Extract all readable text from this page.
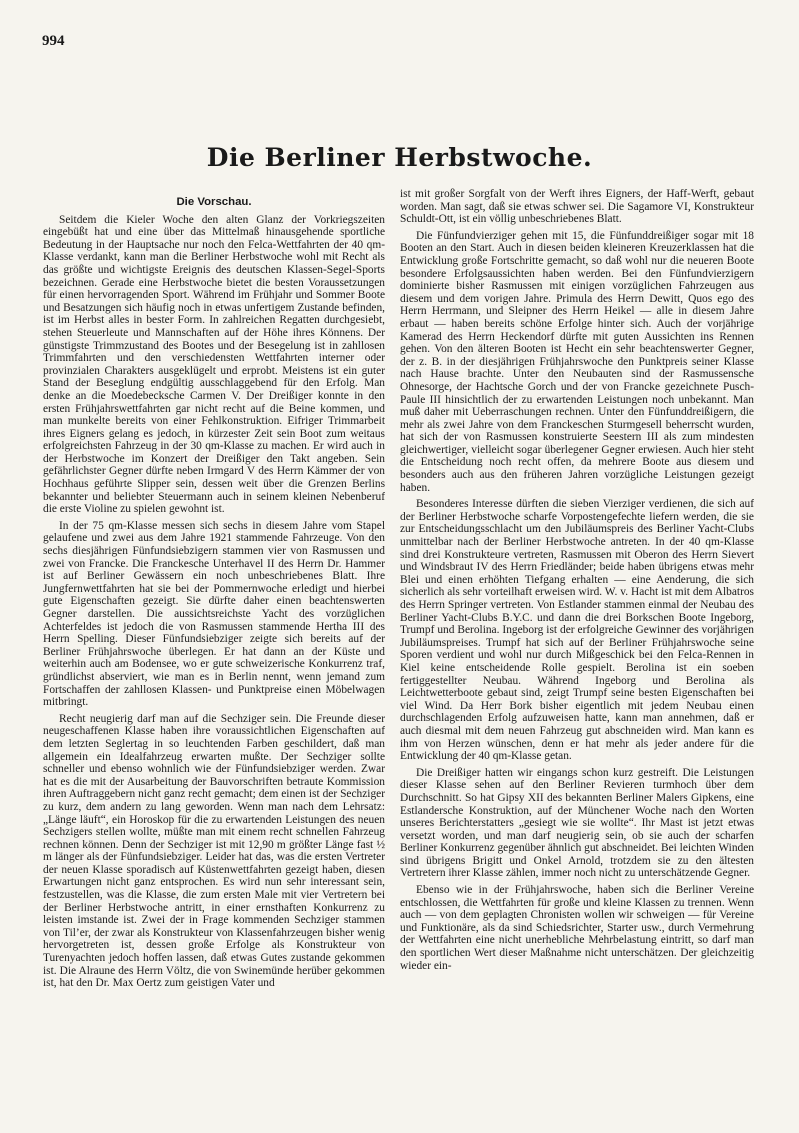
994
Die Berliner Herbstwoche.
Die Vorschau.

Seitdem die Kieler Woche den alten Glanz der Vorkriegszeiten eingebüßt hat und eine über das Mittelmaß hinausgehende sportliche Bedeutung in der Hauptsache nur noch den Felca-Wettfahrten der 40 qm-Klasse verdankt, kann man die Berliner Herbstwoche wohl mit Recht als das größte und wichtigste Ereignis des deutschen Klassen-Segel-Sports bezeichnen. Gerade eine Herbstwoche bietet die besten Voraussetzungen für einen hervorragenden Sport. Während im Frühjahr und Sommer Boote und Besatzungen sich häufig noch in etwas unfertigem Zustande befinden, ist im Herbst alles in bester Form. In zahlreichen Regatten durchgesiebt, stehen Steuerleute und Mannschaften auf der Höhe ihres Könnens. Der günstigste Trimmzustand des Bootes und der Besegelung ist in zahllosen Trimmfahrten und den verschiedensten Wettfahrten interner oder provinzialen Charakters ausgeklügelt und erprobt. Meistens ist ein guter Stand der Beseglung endgültig ausschlaggebend für den Erfolg. Man denke an die Moedebecksche Carmen V. Der Dreißiger konnte in den ersten Frühjahrswettfahrten gar nicht recht auf die Beine kommen, und man munkelte bereits von einer Fehlkonstruktion. Eifriger Trimmarbeit ihres Eigners gelang es jedoch, in kürzester Zeit sein Boot zum weitaus erfolgreichsten Fahrzeug in der 30 qm-Klasse zu machen. Er wird auch in der Herbstwoche im Konzert der Dreißiger den Takt angeben. Sein gefährlichster Gegner dürfte neben Irmgard V des Herrn Kämmer der von Hochhaus geführte Slipper sein, dessen weit über die Grenzen Berlins bekannter und beliebter Steuermann auch in seinem kleinen Nebenberuf die erste Violine zu spielen gewohnt ist.

In der 75 qm-Klasse messen sich sechs in diesem Jahre vom Stapel gelaufene und zwei aus dem Jahre 1921 stammende Fahrzeuge. Von den sechs diesjährigen Fünfundsiebzigern stammen vier von Rasmussen und zwei von Francke. Die Franckesche Unterhavel II des Herrn Dr. Hammer ist auf Berliner Gewässern ein noch unbeschriebenes Blatt. Ihre Jungfernwettfahrten hat sie bei der Pommernwoche erledigt und hierbei gute Eigenschaften gezeigt. Sie dürfte daher einen beachtenswerten Gegner darstellen. Die aussichtsreichste Yacht des vorzüglichen Achterfeldes ist jedoch die von Rasmussen stammende Hertha III des Herrn Spelling. Dieser Fünfundsiebziger zeigte sich bereits auf der Berliner Frühjahrswoche überlegen. Er hat dann an der Küste und weiterhin auch am Bodensee, wo er gute schweizerische Konkurrenz traf, gründlichst abserviert, wie man es in Berlin nennt, wenn jemand zum Fortschaffen der zahllosen Klassen- und Punktpreise einen Möbelwagen mitbringt.

Recht neugierig darf man auf die Sechziger sein. Die Freunde dieser neugeschaffenen Klasse haben ihre voraussichtlichen Eigenschaften auf dem letzten Seglertag in so leuchtenden Farben geschildert, daß man allgemein ein Idealfahrzeug erwarten mußte. Der Sechziger sollte schneller und ebenso wohnlich wie der Fünfundsiebziger werden. Zwar hat es die mit der Ausarbeitung der Bauvorschriften betraute Kommission ihren Auftraggebern nicht ganz recht gemacht; dem einen ist der Sechziger zu kurz, dem andern zu lang geworden. Wenn man nach dem Lehrsatz: „Länge läuft“, ein Horoskop für die zu erwartenden Leistungen des neuen Sechzigers stellen wollte, müßte man mit einem recht schnellen Fahrzeug rechnen können. Denn der Sechziger ist mit 12,90 m größter Länge fast ½ m länger als der Fünfundsiebziger. Leider hat das, was die ersten Vertreter der neuen Klasse sporadisch auf Küstenwettfahrten gezeigt haben, diesen Erwartungen nicht ganz entsprochen. Es wird nun sehr interessant sein, festzustellen, was die Klasse, die zum ersten Male mit vier Vertretern bei der Berliner Herbstwoche antritt, in einer ernsthaften Konkurrenz zu leisten imstande ist. Zwei der in Frage kommenden Sechziger stammen von Til’er, der zwar als Konstrukteur von Klassenfahrzeugen bisher wenig hervorgetreten ist, dessen große Erfolge als Konstrukteur von Turenyachten jedoch hoffen lassen, daß etwas Gutes zustande gekommen ist. Die Alraune des Herrn Völtz, die von Swinemünde herüber gekommen ist, hat den Dr. Max Oertz zum geistigen Vater und

ist mit großer Sorgfalt von der Werft ihres Eigners, der Haff-Werft, gebaut worden. Man sagt, daß sie etwas schwer sei. Die Sagamore VI, Konstrukteur Schuldt-Ott, ist ein völlig unbeschriebenes Blatt.

Die Fünfundvierziger gehen mit 15, die Fünfunddreißiger sogar mit 18 Booten an den Start. Auch in diesen beiden kleineren Kreuzerklassen hat die Entwicklung große Fortschritte gemacht, so daß wohl nur die neueren Boote besondere Erfolgsaussichten haben werden. Bei den Fünfundvierzigern dominierte bisher Rasmussen mit einigen vorzüglichen Fahrzeugen aus diesem und dem vorigen Jahre. Primula des Herrn Dewitt, Quos ego des Herrn Herrmann, und Sleipner des Herrn Heikel — alle in diesem Jahre erbaut — haben bereits schöne Erfolge hinter sich. Auch der vorjährige Kamerad des Herrn Heckendorf dürfte mit guten Aussichten ins Rennen gehen. Von den älteren Booten ist Hecht ein sehr beachtenswerter Gegner, der z. B. in der diesjährigen Frühjahrswoche den Punktpreis seiner Klasse nach Hause brachte. Unter den Neubauten sind der Rasmussensche Ohnesorge, der Hachtsche Gorch und der von Francke gezeichnete Pusch-Paule III hinsichtlich der zu erwartenden Leistungen noch unbekannt. Man muß daher mit Ueberraschungen rechnen. Unter den Fünfunddreißigern, die mehr als zwei Jahre von dem Franckeschen Sturmgesell beherrscht wurden, hat sich der von Rasmussen konstruierte Seestern III als zum mindesten gleichwertiger, vielleicht sogar überlegener Gegner erwiesen. Auch hier steht die Entscheidung noch recht offen, da mehrere Boote aus diesem und besonders auch aus den früheren Jahren vorzügliche Leistungen gezeigt haben.

Besonderes Interesse dürften die sieben Vierziger verdienen, die sich auf der Berliner Herbstwoche scharfe Vorpostengefechte liefern werden, die sie zur Entscheidungsschlacht um den Jubiläumspreis des Berliner Yacht-Clubs unmittelbar nach der Berliner Herbstwoche antreten. In der 40 qm-Klasse sind drei Konstrukteure vertreten, Rasmussen mit Oberon des Herrn Sievert und Windsbraut IV des Herrn Friedländer; beide haben übrigens etwas mehr Blei und einen erhöhten Tiefgang erhalten — eine Aenderung, die sich sicherlich als sehr vorteilhaft erweisen wird. W. v. Hacht ist mit dem Albatros des Herrn Springer vertreten. Von Estlander stammen einmal der Neubau des Berliner Yacht-Clubs B.Y.C. und dann die drei Borkschen Boote Ingeborg, Trumpf und Berolina. Ingeborg ist der erfolgreiche Gewinner des vorjährigen Jubiläumspreises. Trumpf hat sich auf der Berliner Frühjahrswoche seine Sporen verdient und wohl nur durch Mißgeschick bei den Felca-Rennen in Kiel keine entscheidende Rolle gespielt. Berolina ist ein soeben fertiggestellter Neubau. Während Ingeborg und Berolina als Leichtwetterboote gebaut sind, zeigt Trumpf seine besten Eigenschaften bei viel Wind. Da Herr Bork bisher eigentlich mit jedem Neubau einen durchschlagenden Erfolg aufzuweisen hatte, kann man annehmen, daß er auch diesmal mit dem neuen Fahrzeug gut abschneiden wird. Man kann es ihm von Herzen wünschen, denn er hat mehr als jeder andere für die Entwicklung der 40 qm-Klasse getan.

Die Dreißiger hatten wir eingangs schon kurz gestreift. Die Leistungen dieser Klasse sehen auf den Berliner Revieren turmhoch über dem Durchschnitt. So hat Gipsy XII des bekannten Berliner Malers Gipkens, eine Estlandersche Konstruktion, auf der Münchener Woche nach den Worten unseres Berichterstatters „gesiegt wie sie wollte“. Ihr Mast ist jetzt etwas versetzt worden, und man darf neugierig sein, ob sie auch der scharfen Berliner Konkurrenz gegenüber ähnlich gut abschneidet. Bei leichten Winden sind übrigens Brigitt und Onkel Arnold, trotzdem sie zu den ältesten Vertretern ihrer Klasse zählen, immer noch nicht zu unterschätzende Gegner.

Ebenso wie in der Frühjahrswoche, haben sich die Berliner Vereine entschlossen, die Wettfahrten für große und kleine Klassen zu trennen. Wenn auch — von dem geplagten Chronisten wollen wir schweigen — für Vereine und Funktionäre, als da sind Schiedsrichter, Starter usw., durch Vermehrung der Wettfahrten eine nicht unerhebliche Mehrbelastung eintritt, so darf man den sportlichen Wert dieser Maßnahme nicht unterschätzen. Der gleichzeitig wieder ein-
